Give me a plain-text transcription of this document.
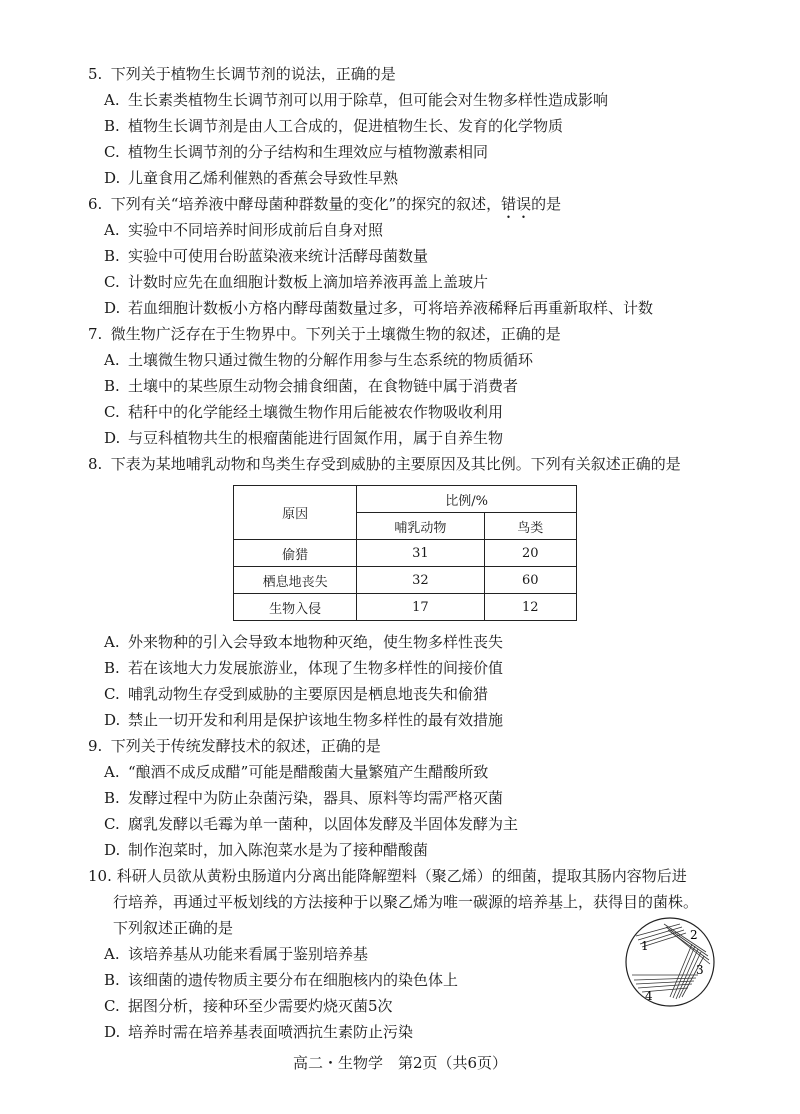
5. 下列关于植物生长调节剂的说法，正确的是
A. 生长素类植物生长调节剂可以用于除草，但可能会对生物多样性造成影响
B. 植物生长调节剂是由人工合成的，促进植物生长、发育的化学物质
C. 植物生长调节剂的分子结构和生理效应与植物激素相同
D. 儿童食用乙烯利催熟的香蕉会导致性早熟
6. 下列有关“培养液中酵母菌种群数量的变化”的探究的叙述，错误的是
A. 实验中不同培养时间形成前后自身对照
B. 实验中可使用台盼蓝染液来统计活酵母菌数量
C. 计数时应先在血细胞计数板上滴加培养液再盖上盖玻片
D. 若血细胞计数板小方格内酵母菌数量过多，可将培养液稀释后再重新取样、计数
7. 微生物广泛存在于生物界中。下列关于土壤微生物的叙述，正确的是
A. 土壤微生物只通过微生物的分解作用参与生态系统的物质循环
B. 土壤中的某些原生动物会捕食细菌，在食物链中属于消费者
C. 秸秆中的化学能经土壤微生物作用后能被农作物吸收利用
D. 与豆科植物共生的根瘤菌能进行固氮作用，属于自养生物
8. 下表为某地哺乳动物和鸟类生存受到威胁的主要原因及其比例。下列有关叙述正确的是
原因	比例/%	
	哺乳动物	鸟类
偷猎	31	20
栖息地丧失	32	60
生物入侵	17	12
A. 外来物种的引入会导致本地物种灭绝，使生物多样性丧失
B. 若在该地大力发展旅游业，体现了生物多样性的间接价值
C. 哺乳动物生存受到威胁的主要原因是栖息地丧失和偷猎
D. 禁止一切开发和利用是保护该地生物多样性的最有效措施
9. 下列关于传统发酵技术的叙述，正确的是
A. “酿酒不成反成醋”可能是醋酸菌大量繁殖产生醋酸所致
B. 发酵过程中为防止杂菌污染，器具、原料等均需严格灭菌
C. 腐乳发酵以毛霉为单一菌种，以固体发酵及半固体发酵为主
D. 制作泡菜时，加入陈泡菜水是为了接种醋酸菌
10. 科研人员欲从黄粉虫肠道内分离出能降解塑料（聚乙烯）的细菌，提取其肠内容物后进
行培养，再通过平板划线的方法接种于以聚乙烯为唯一碳源的培养基上，获得目的菌株。
下列叙述正确的是
A. 该培养基从功能来看属于鉴别培养基
B. 该细菌的遗传物质主要分布在细胞核内的染色体上
C. 据图分析，接种环至少需要灼烧灭菌5次
D. 培养时需在培养基表面喷洒抗生素防止污染
1
2
3
4
高二・生物学　第2页（共6页）
